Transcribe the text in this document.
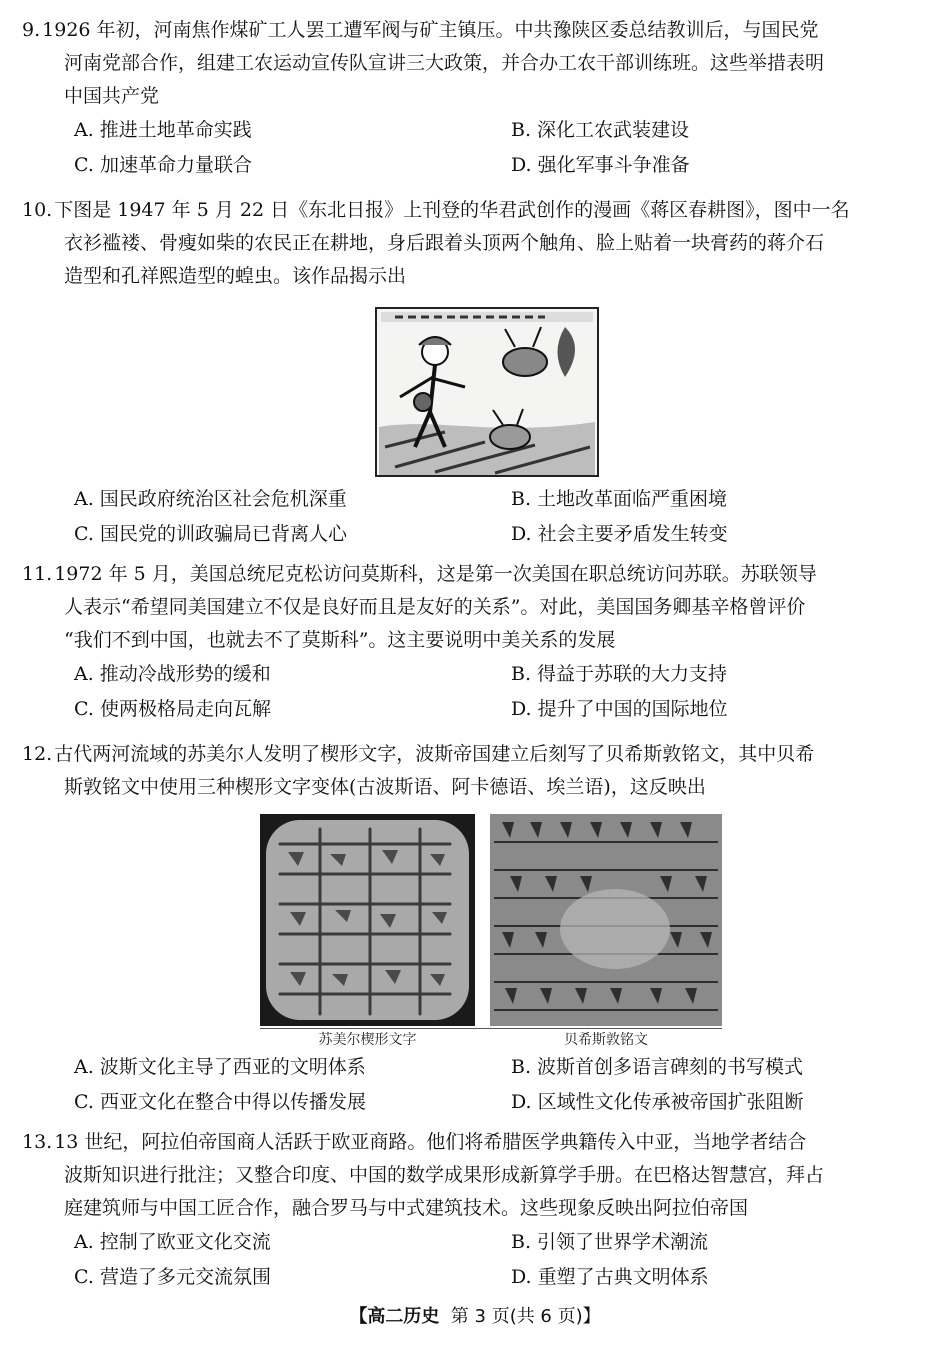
9. 1926 年初，河南焦作煤矿工人罢工遭军阀与矿主镇压。中共豫陕区委总结教训后，与国民党

河南党部合作，组建工农运动宣传队宣讲三大政策，并合办工农干部训练班。这些举措表明

中国共产党

A. 推进土地革命实践	B. 深化工农武装建设
C. 加速革命力量联合	D. 强化军事斗争准备

10. 下图是 1947 年 5 月 22 日《东北日报》上刊登的华君武创作的漫画《蒋区春耕图》，图中一名

衣衫褴褛、骨瘦如柴的农民正在耕地，身后跟着头顶两个触角、脸上贴着一块膏药的蒋介石

造型和孔祥熙造型的蝗虫。该作品揭示出

A. 国民政府统治区社会危机深重	B. 土地改革面临严重困境
C. 国民党的训政骗局已背离人心	D. 社会主要矛盾发生转变

11. 1972 年 5 月，美国总统尼克松访问莫斯科，这是第一次美国在职总统访问苏联。苏联领导

人表示“希望同美国建立不仅是良好而且是友好的关系”。对此，美国国务卿基辛格曾评价

“我们不到中国，也就去不了莫斯科”。这主要说明中美关系的发展

A. 推动冷战形势的缓和	B. 得益于苏联的大力支持
C. 使两极格局走向瓦解	D. 提升了中国的国际地位

12. 古代两河流域的苏美尔人发明了楔形文字，波斯帝国建立后刻写了贝希斯敦铭文，其中贝希

斯敦铭文中使用三种楔形文字变体(古波斯语、阿卡德语、埃兰语)，这反映出

苏美尔楔形文字	贝希斯敦铭文
A. 波斯文化主导了西亚的文明体系	B. 波斯首创多语言碑刻的书写模式
C. 西亚文化在整合中得以传播发展	D. 区域性文化传承被帝国扩张阻断

13. 13 世纪，阿拉伯帝国商人活跃于欧亚商路。他们将希腊医学典籍传入中亚，当地学者结合

波斯知识进行批注；又整合印度、中国的数学成果形成新算学手册。在巴格达智慧宫，拜占

庭建筑师与中国工匠合作，融合罗马与中式建筑技术。这些现象反映出阿拉伯帝国

A. 控制了欧亚文化交流	B. 引领了世界学术潮流
C. 营造了多元交流氛围	D. 重塑了古典文明体系
【高二历史 第 3 页(共 6 页)】
